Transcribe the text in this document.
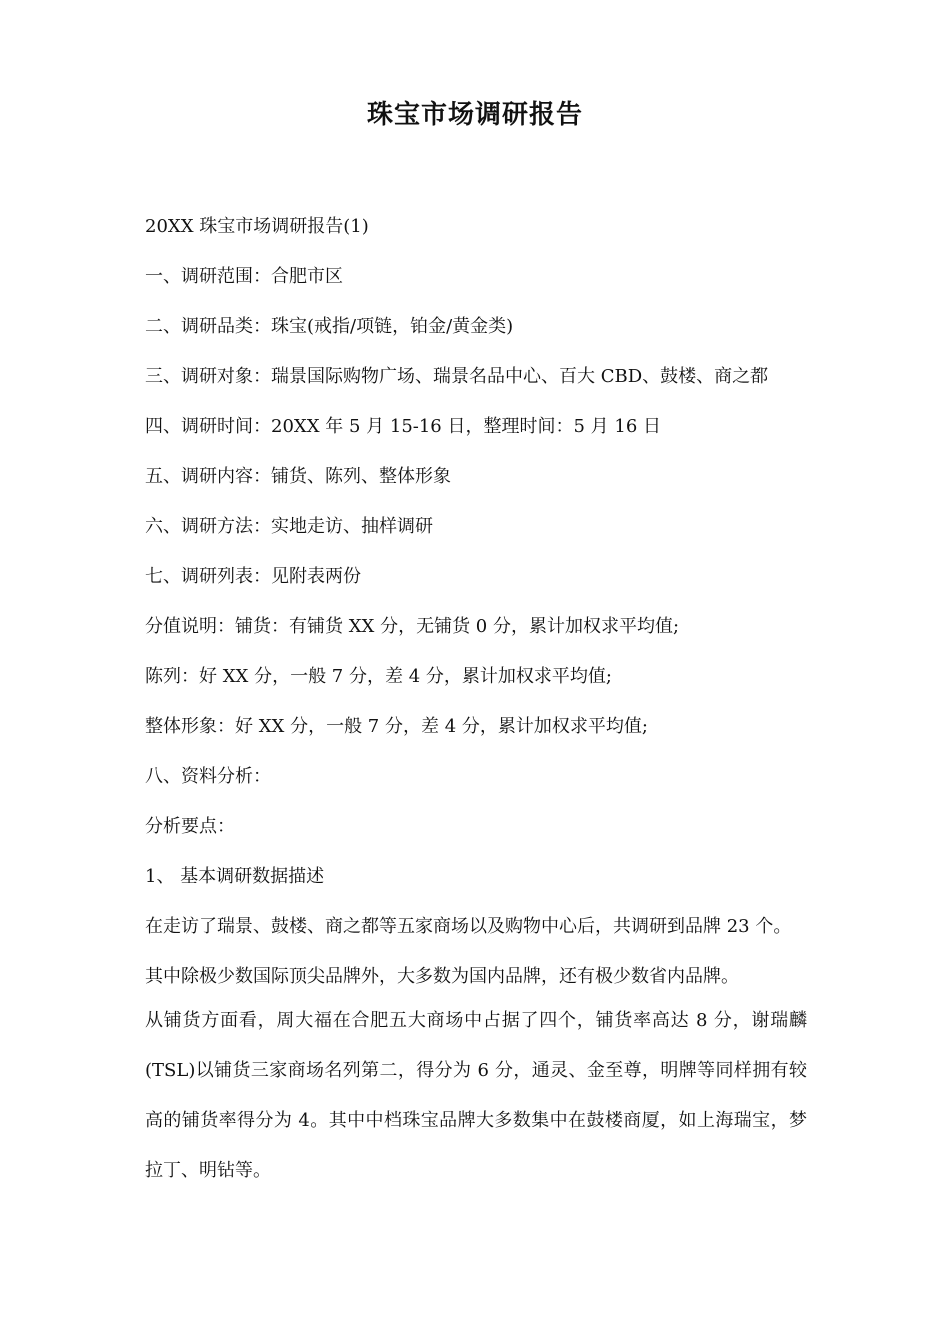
珠宝市场调研报告
20XX 珠宝市场调研报告(1)
一、调研范围：合肥市区
二、调研品类：珠宝(戒指/项链，铂金/黄金类)
三、调研对象：瑞景国际购物广场、瑞景名品中心、百大 CBD、鼓楼、商之都
四、调研时间：20XX 年 5 月 15-16 日，整理时间：5 月 16 日
五、调研内容：铺货、陈列、整体形象
六、调研方法：实地走访、抽样调研
七、调研列表：见附表两份
分值说明：铺货：有铺货 XX 分，无铺货 0 分，累计加权求平均值;
陈列：好 XX 分，一般 7 分，差 4 分，累计加权求平均值;
整体形象：好 XX 分，一般 7 分，差 4 分，累计加权求平均值;
八、资料分析：
分析要点：
1、 基本调研数据描述
在走访了瑞景、鼓楼、商之都等五家商场以及购物中心后，共调研到品牌 23 个。
其中除极少数国际顶尖品牌外，大多数为国内品牌，还有极少数省内品牌。
从铺货方面看，周大福在合肥五大商场中占据了四个，铺货率高达 8 分，谢瑞麟(TSL)以铺货三家商场名列第二，得分为 6 分，通灵、金至尊，明牌等同样拥有较高的铺货率得分为 4。其中中档珠宝品牌大多数集中在鼓楼商厦，如上海瑞宝，梦拉丁、明钻等。
